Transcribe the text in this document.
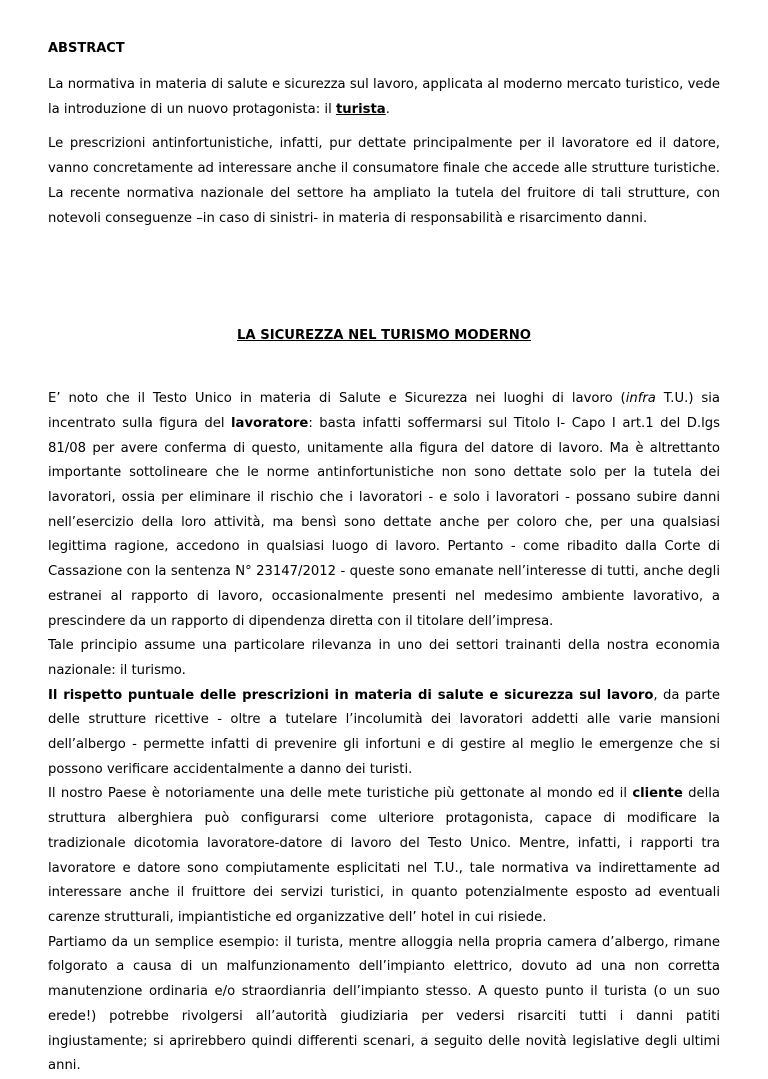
ABSTRACT

La normativa in materia di salute e sicurezza sul lavoro, applicata al moderno mercato turistico, vede la introduzione di un nuovo protagonista: il turista.

Le prescrizioni antinfortunistiche, infatti, pur dettate principalmente per il lavoratore ed il datore, vanno concretamente ad interessare anche il consumatore finale che accede alle strutture turistiche. La recente normativa nazionale del settore ha ampliato la tutela del fruitore di tali strutture, con notevoli conseguenze –in caso di sinistri- in materia di responsabilità e risarcimento danni.

LA SICUREZZA NEL TURISMO MODERNO

E’ noto che il Testo Unico in materia di Salute e Sicurezza nei luoghi di lavoro (infra T.U.) sia incentrato sulla figura del lavoratore: basta infatti soffermarsi sul Titolo I- Capo I art.1 del D.lgs 81/08 per avere conferma di questo, unitamente alla figura del datore di lavoro. Ma è altrettanto importante sottolineare che le norme antinfortunistiche non sono dettate solo per la tutela dei lavoratori, ossia per eliminare il rischio che i lavoratori - e solo i lavoratori - possano subire danni nell’esercizio della loro attività, ma bensì sono dettate anche per coloro che, per una qualsiasi legittima ragione, accedono in qualsiasi luogo di lavoro. Pertanto - come ribadito dalla Corte di Cassazione con la sentenza N° 23147/2012 - queste sono emanate nell’interesse di tutti, anche degli estranei al rapporto di lavoro, occasionalmente presenti nel medesimo ambiente lavorativo, a prescindere da un rapporto di dipendenza diretta con il titolare dell’impresa.

Tale principio assume una particolare rilevanza in uno dei settori trainanti della nostra economia nazionale: il turismo.

Il rispetto puntuale delle prescrizioni in materia di salute e sicurezza sul lavoro, da parte delle strutture ricettive - oltre a tutelare l’incolumità dei lavoratori addetti alle varie mansioni dell’albergo - permette infatti di prevenire gli infortuni e di gestire al meglio le emergenze che si possono verificare accidentalmente a danno dei turisti.

Il nostro Paese è notoriamente una delle mete turistiche più gettonate al mondo ed il cliente della struttura alberghiera può configurarsi come ulteriore protagonista, capace di modificare la tradizionale dicotomia lavoratore-datore di lavoro del Testo Unico. Mentre, infatti, i rapporti tra lavoratore e datore sono compiutamente esplicitati nel T.U., tale normativa va indirettamente ad interessare anche il fruittore dei servizi turistici, in quanto potenzialmente esposto ad eventuali carenze strutturali, impiantistiche ed organizzative dell’ hotel in cui risiede.

Partiamo da un semplice esempio: il turista, mentre alloggia nella propria camera d’albergo, rimane folgorato a causa di un malfunzionamento dell’impianto elettrico, dovuto ad una non corretta manutenzione ordinaria e/o straordianria dell’impianto stesso. A questo punto il turista (o un suo erede!) potrebbe rivolgersi all’autorità giudiziaria per vedersi risarciti tutti i danni patiti ingiustamente; si aprirebbero quindi differenti scenari, a seguito delle novità legislative degli ultimi anni.
